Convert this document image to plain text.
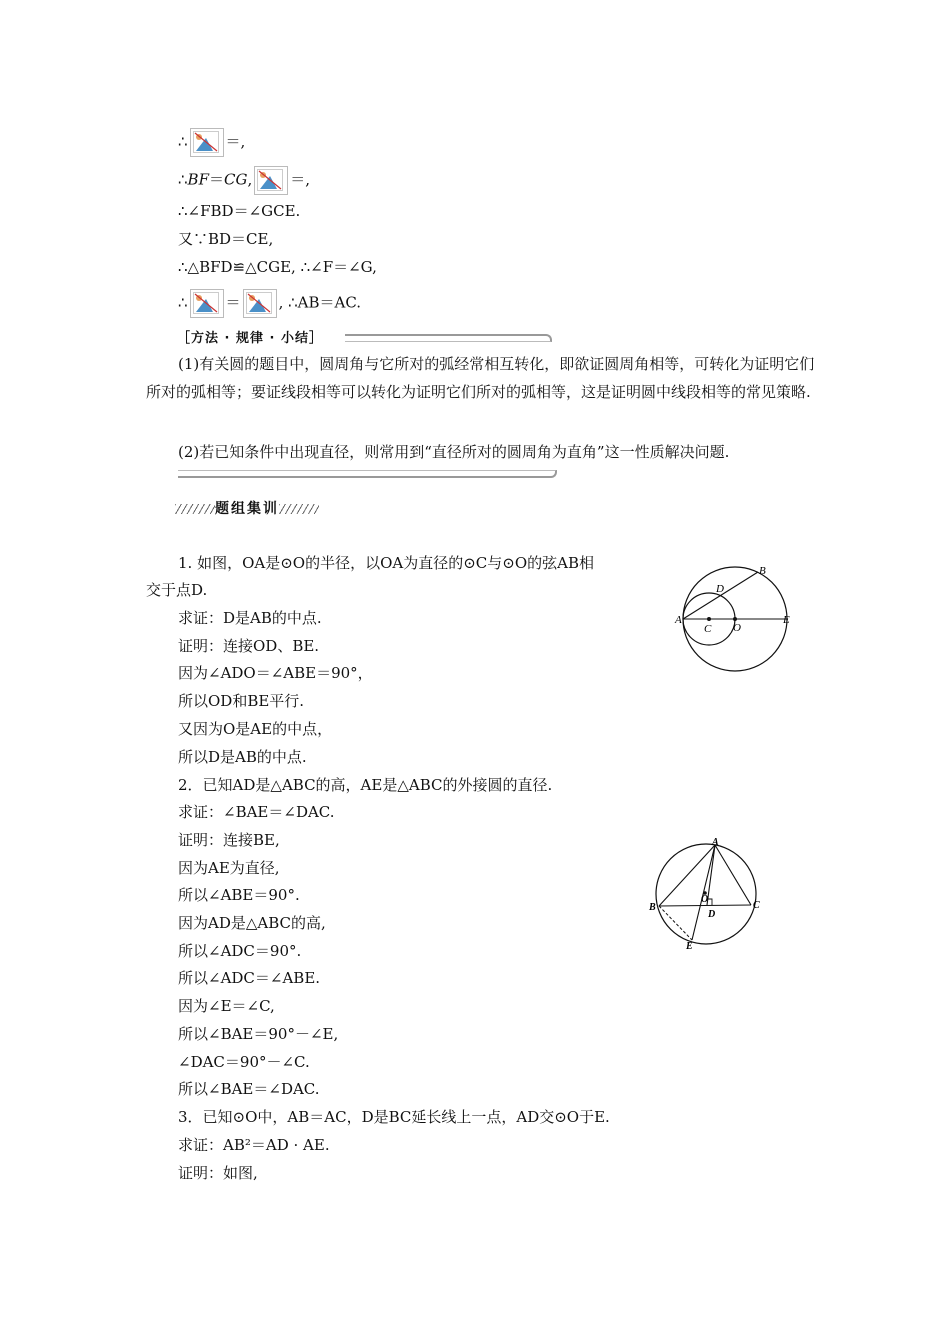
∴	＝,
∴BF＝CG,	＝,
∴∠FBD＝∠GCE.
又∵BD＝CE,
∴△BFD≌△CGE, ∴∠F＝∠G,
∴	＝	, ∴AB＝AC.
［方法 · 规律 · 小结］
(1)有关圆的题目中，圆周角与它所对的弧经常相互转化，即欲证圆周角相等，可转化为证明它们所对的弧相等；要证线段相等可以转化为证明它们所对的弧相等，这是证明圆中线段相等的常见策略.
(2)若已知条件中出现直径，则常用到“直径所对的圆周角为直角”这一性质解决问题.
题组集训
1. 如图，OA是⊙O的半径，以OA为直径的⊙C与⊙O的弦AB相
交于点D.
求证：D是AB的中点.
证明：连接OD、BE.
因为∠ADO＝∠ABE＝90°，
所以OD和BE平行.
又因为O是AE的中点，
所以D是AB的中点.
A
B
C
D
E
O
2．已知AD是△ABC的高，AE是△ABC的外接圆的直径.
求证：∠BAE＝∠DAC.
证明：连接BE,
因为AE为直径,
所以∠ABE＝90°.
因为AD是△ABC的高,
所以∠ADC＝90°.
所以∠ADC＝∠ABE.
因为∠E＝∠C,
所以∠BAE＝90°－∠E,
∠DAC＝90°－∠C.
所以∠BAE＝∠DAC.
A
B	C
D
E
O
3．已知⊙O中，AB＝AC，D是BC延长线上一点，AD交⊙O于E.
求证：AB²＝AD · AE.
证明：如图,
